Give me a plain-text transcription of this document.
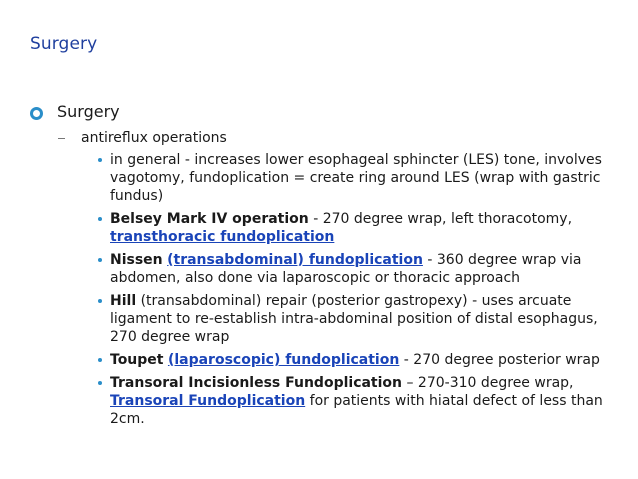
Surgery
Surgery
antireflux operations
in general - increases lower esophageal sphincter (LES) tone, involves vagotomy, fundoplication = create ring around LES (wrap with gastric fundus)
Belsey Mark IV operation - 270 degree wrap, left thoracotomy, transthoracic fundoplication
Nissen (transabdominal) fundoplication - 360 degree wrap via abdomen, also done via laparoscopic or thoracic approach
Hill (transabdominal) repair (posterior gastropexy) - uses arcuate ligament to re-establish intra-abdominal position of distal esophagus, 270 degree wrap
Toupet (laparoscopic) fundoplication - 270 degree posterior wrap
Transoral Incisionless Fundoplication – 270-310 degree wrap, Transoral Fundoplication for patients with hiatal defect of less than 2cm.
